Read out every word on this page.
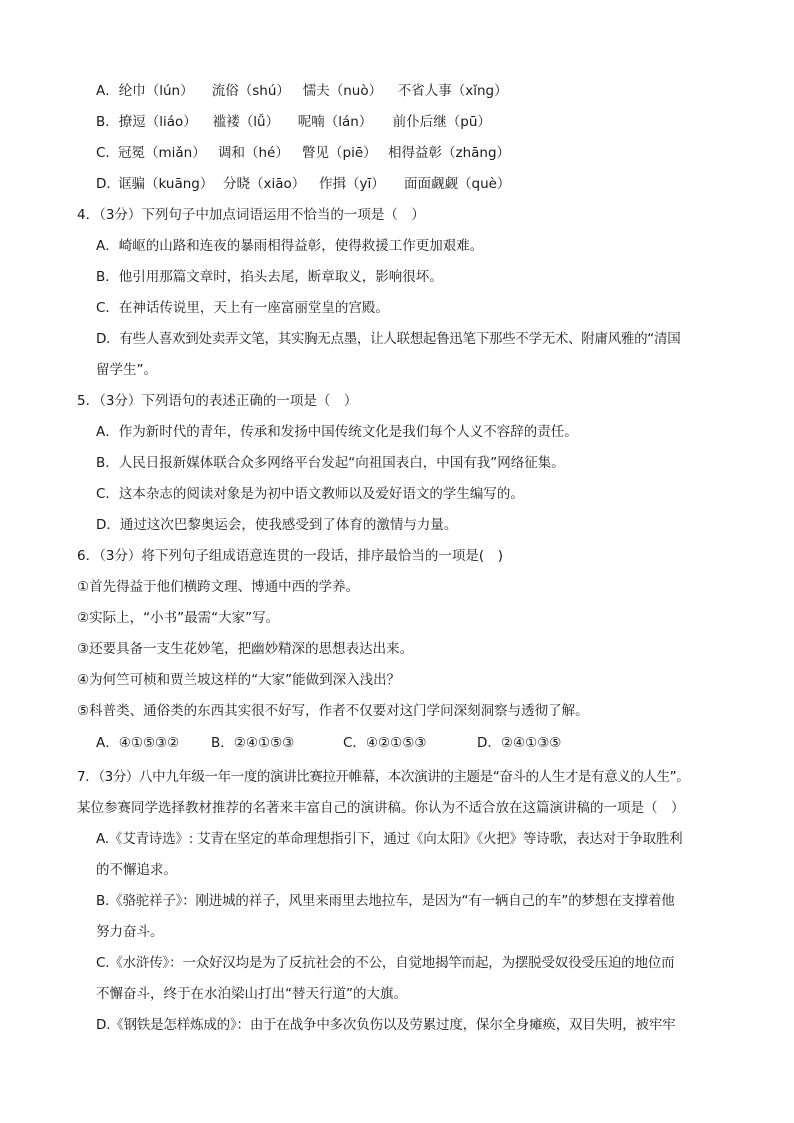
A．纶巾（lún） 流俗（shú） 懦夫（nuò） 不省人事（xǐng）
B．撩逗（liáo） 褴褛（lǚ） 呢喃（lán） 前仆后继（pū）
C．冠冕（miǎn） 调和（hé） 瞥见（piē） 相得益彰（zhāng）
D．诓骗（kuāng） 分晓（xiāo） 作揖（yī） 面面觑觑（què）
4．（3分）下列句子中加点词语运用不恰当的一项是（　）
A．崎岖的山路和连夜的暴雨相得益彰，使得救援工作更加艰难。
B．他引用那篇文章时，掐头去尾，断章取义，影响很坏。
C．在神话传说里，天上有一座富丽堂皇的宫殿。
D．有些人喜欢到处卖弄文笔，其实胸无点墨，让人联想起鲁迅笔下那些不学无术、附庸风雅的“清国
留学生”。
5．（3分）下列语句的表述正确的一项是（　）
A．作为新时代的青年，传承和发扬中国传统文化是我们每个人义不容辞的责任。
B．人民日报新媒体联合众多网络平台发起“向祖国表白，中国有我”网络征集。
C．这本杂志的阅读对象是为初中语文教师以及爱好语文的学生编写的。
D．通过这次巴黎奥运会，使我感受到了体育的激情与力量。
6．（3分）将下列句子组成语意连贯的一段话，排序最恰当的一项是(　)
①首先得益于他们横跨文理、博通中西的学养。
②实际上，“小书”最需“大家”写。
③还要具备一支生花妙笔，把幽妙精深的思想表达出来。
④为何竺可桢和贾兰坡这样的“大家”能做到深入浅出？
⑤科普类、通俗类的东西其实很不好写，作者不仅要对这门学问深刻洞察与透彻了解。
A．④①⑤③② B．②④①⑤③	C．④②①⑤③	D．②④①③⑤
7．（3分）八中九年级一年一度的演讲比赛拉开帷幕，本次演讲的主题是“奋斗的人生才是有意义的人生”。
某位参赛同学选择教材推荐的名著来丰富自己的演讲稿。你认为不适合放在这篇演讲稿的一项是（　）
A.《艾青诗选》: 艾青在坚定的革命理想指引下，通过《向太阳》《火把》等诗歌，表达对于争取胜利
的不懈追求。
B.《骆驼祥子》：刚进城的祥子，风里来雨里去地拉车，是因为“有一辆自己的车”的梦想在支撑着他
努力奋斗。
C.《水浒传》：一众好汉均是为了反抗社会的不公，自觉地揭竿而起，为摆脱受奴役受压迫的地位而
不懈奋斗，终于在水泊梁山打出“替天行道”的大旗。
D.《钢铁是怎样炼成的》：由于在战争中多次负伤以及劳累过度，保尔全身瘫痪，双目失明，被牢牢
